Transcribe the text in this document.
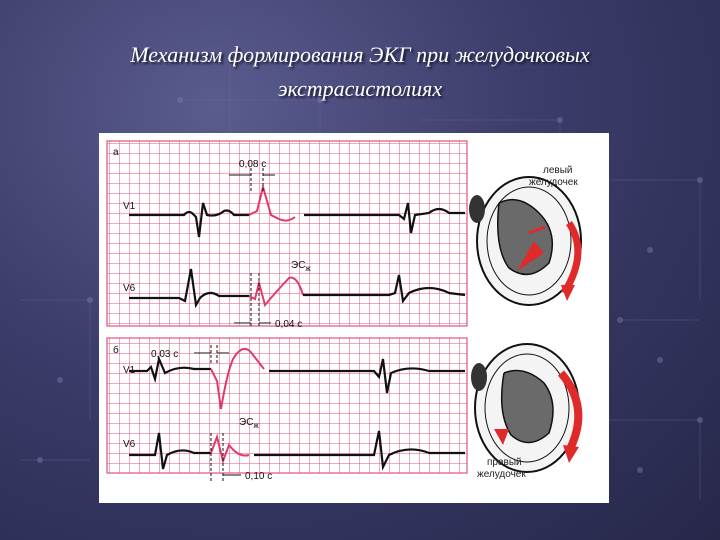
Механизм формирования ЭКГ при желудочковых
экстрасистолиях
а
V1
V6
0,08 с
0,04 с
$ЭС_ж$
б
V1
V6
0,03 с
0,10 с
$ЭС_ж$
левый
желудочек
правый
желудочек
